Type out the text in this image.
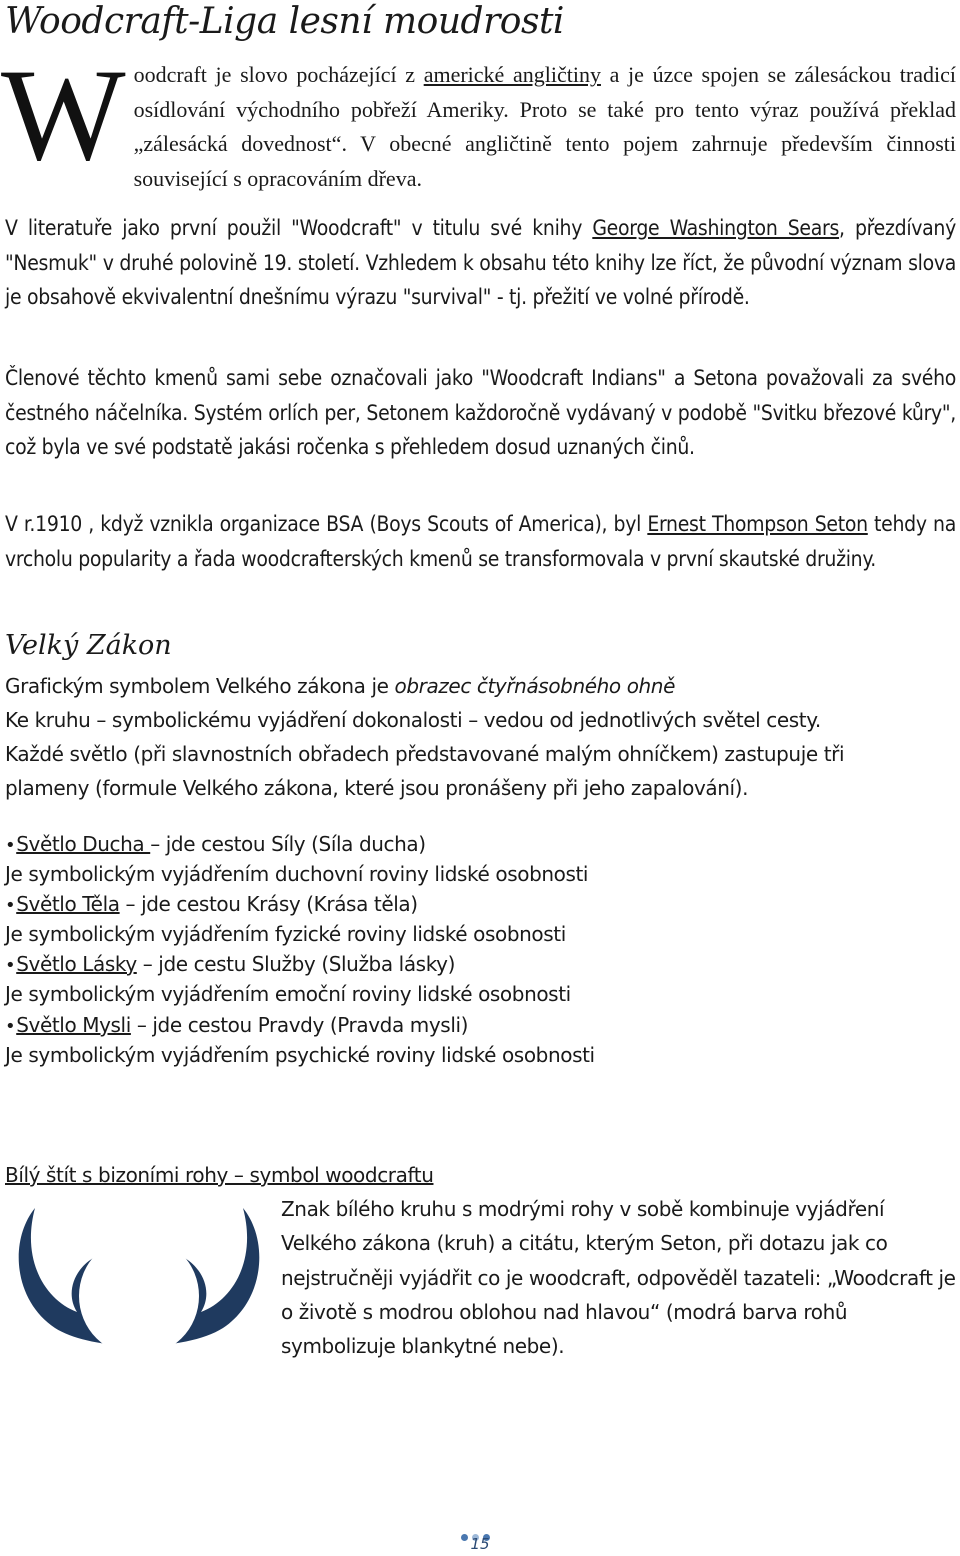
Woodcraft-Liga lesní moudrosti

Woodcraft je slovo pocházející z americké angličtiny a je úzce spojen se zálesáckou tradicí osídlování východního pobřeží Ameriky. Proto se také pro tento výraz používá překlad „zálesácká dovednost“. V obecné angličtině tento pojem zahrnuje především činnosti související s opracováním dřeva.

V literatuře jako první použil "Woodcraft" v titulu své knihy George Washington Sears, přezdívaný "Nesmuk" v druhé polovině 19. století. Vzhledem k obsahu této knihy lze říct, že původní význam slova je obsahově ekvivalentní dnešnímu výrazu "survival" - tj. přežití ve volné přírodě.

Členové těchto kmenů sami sebe označovali jako "Woodcraft Indians" a Setona považovali za svého čestného náčelníka. Systém orlích per, Setonem každoročně vydávaný v podobě "Svitku březové kůry", což byla ve své podstatě jakási ročenka s přehledem dosud uznaných činů.

V r.1910 , když vznikla organizace BSA (Boys Scouts of America), byl Ernest Thompson Seton tehdy na vrcholu popularity a řada woodcrafterských kmenů se transformovala v první skautské družiny.

Velký Zákon

Grafickým symbolem Velkého zákona je obrazec čtyřnásobného ohně

Ke kruhu – symbolickému vyjádření dokonalosti – vedou od jednotlivých světel cesty.

Každé světlo (při slavnostních obřadech představované malým ohníčkem) zastupuje tři

plameny (formule Velkého zákona, které jsou pronášeny při jeho zapalování).

•Světlo Ducha – jde cestou Síly (Síla ducha)

Je symbolickým vyjádřením duchovní roviny lidské osobnosti

•Světlo Těla – jde cestou Krásy (Krása těla)

Je symbolickým vyjádřením fyzické roviny lidské osobnosti

•Světlo Lásky – jde cestu Služby (Služba lásky)

Je symbolickým vyjádřením emoční roviny lidské osobnosti

•Světlo Mysli – jde cestou Pravdy (Pravda mysli)

Je symbolickým vyjádřením psychické roviny lidské osobnosti

Bílý štít s bizoními rohy – symbol woodcraftu

Znak bílého kruhu s modrými rohy v sobě kombinuje vyjádření Velkého zákona (kruh) a citátu, kterým Seton, při dotazu jak co nejstručněji vyjádřit co je woodcraft, odpověděl tazateli: „Woodcraft je o životě s modrou oblohou nad hlavou“ (modrá barva rohů symbolizuje blankytné nebe).

15
